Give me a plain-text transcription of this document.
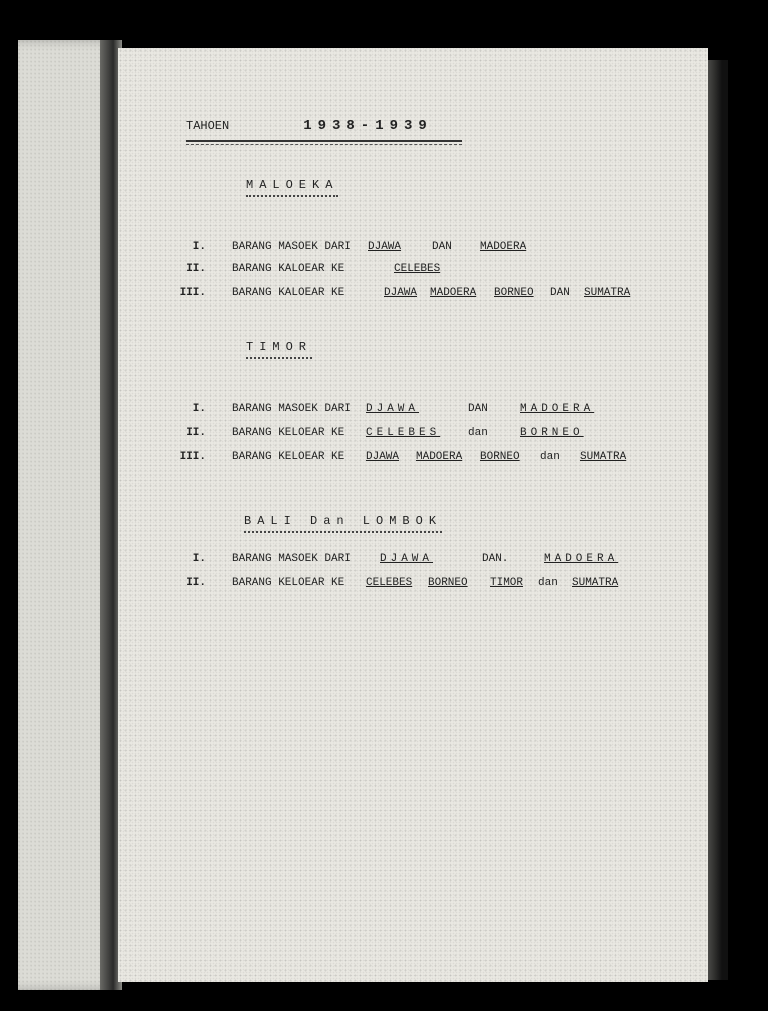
TAHOEN	1938-1939
MALOEKA
I. BARANG MASOEK DARI DJAWA	DAN	MADOERA
II. BARANG KALOEAR KE	CELEBES
III. BARANG KALOEAR KE	DJAWA MADOERA BORNEO DAN SUMATRA
TIMOR
I. BARANG MASOEK DARI DJAWA	DAN	MADOERA
II. BARANG KELOEAR KE CELEBES	dan	BORNEO
III. BARANG KELOEAR KE DJAWA MADOERA BORNEO dan SUMATRA
BALI Dan LOMBOK
I. BARANG MASOEK DARI	DJAWA	DAN.	MADOERA
II. BARANG KELOEAR KE CELEBES BORNEO TIMOR dan SUMATRA
